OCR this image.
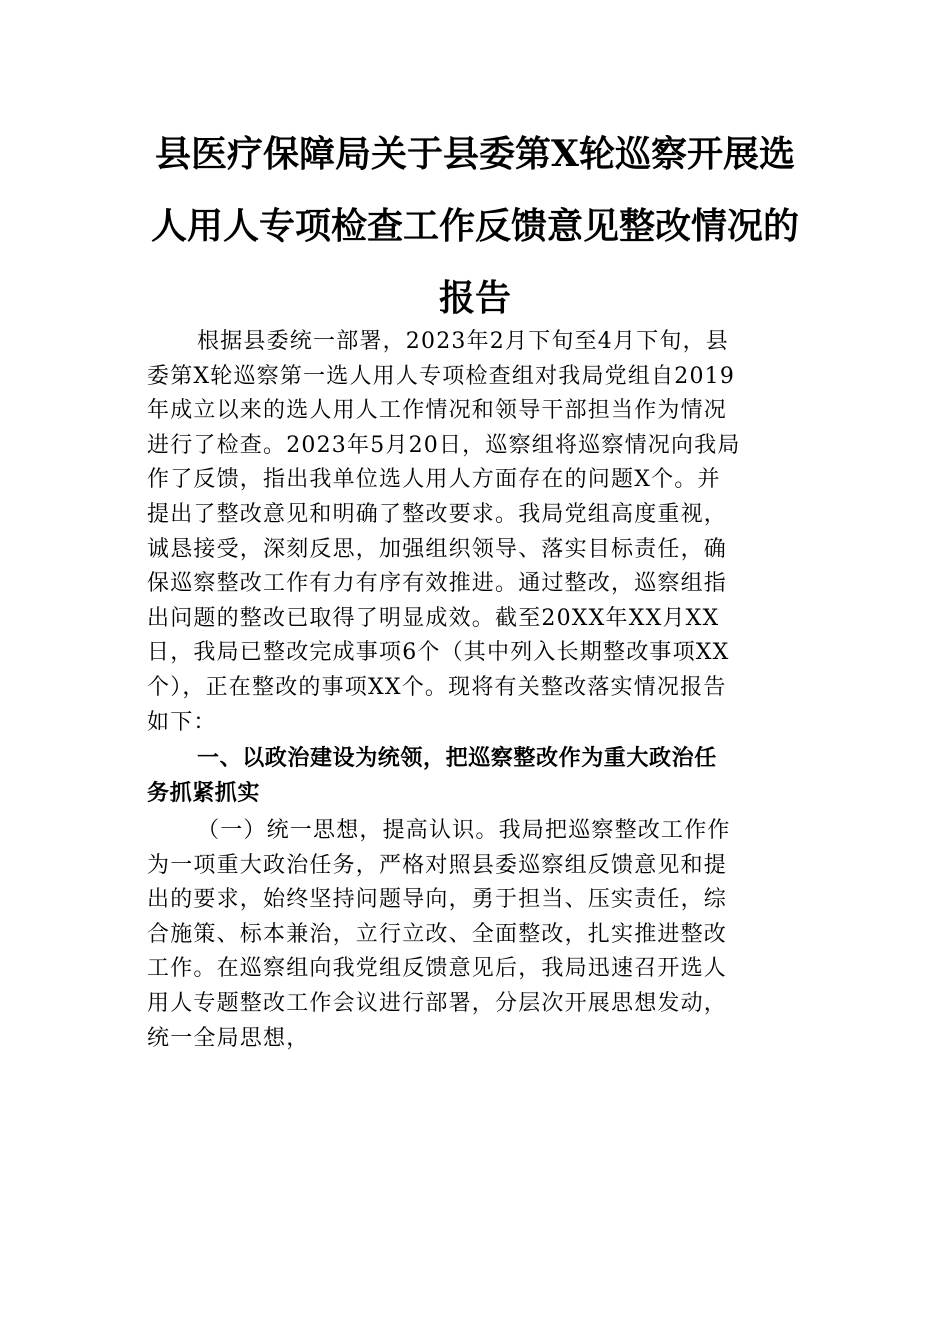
县医疗保障局关于县委第X轮巡察开展选
人用人专项检查工作反馈意见整改情况的
报告

根据县委统一部署，2023年2月下旬至4月下旬，县
委第X轮巡察第一选人用人专项检查组对我局党组自2019
年成立以来的选人用人工作情况和领导干部担当作为情况
进行了检查。2023年5月20日，巡察组将巡察情况向我局
作了反馈，指出我单位选人用人方面存在的问题X个。并
提出了整改意见和明确了整改要求。我局党组高度重视，
诚恳接受，深刻反思，加强组织领导、落实目标责任，确
保巡察整改工作有力有序有效推进。通过整改，巡察组指
出问题的整改已取得了明显成效。截至20XX年XX月XX
日，我局已整改完成事项6个（其中列入长期整改事项XX
个），正在整改的事项XX个。现将有关整改落实情况报告
如下：

一、以政治建设为统领，把巡察整改作为重大政治任
务抓紧抓实

（一）统一思想，提高认识。我局把巡察整改工作作
为一项重大政治任务，严格对照县委巡察组反馈意见和提
出的要求，始终坚持问题导向，勇于担当、压实责任，综
合施策、标本兼治，立行立改、全面整改，扎实推进整改
工作。在巡察组向我党组反馈意见后，我局迅速召开选人
用人专题整改工作会议进行部署，分层次开展思想发动，
统一全局思想，
